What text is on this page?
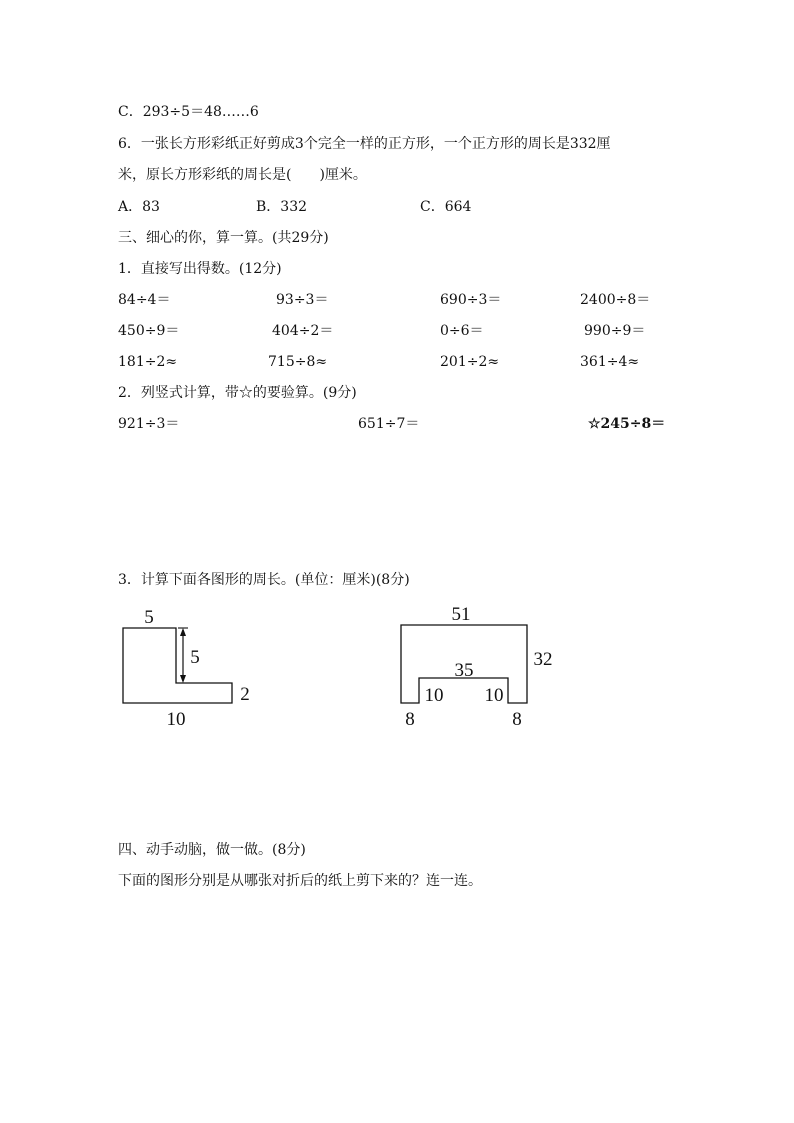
C．293÷5＝48……6
6．一张长方形彩纸正好剪成3个完全一样的正方形，一个正方形的周长是332厘
米，原长方形彩纸的周长是(　　)厘米。
A．83	B．332	C．664
三、细心的你，算一算。(共29分)
1．直接写出得数。(12分)
84÷4＝	93÷3＝	690÷3＝	2400÷8＝
450÷9＝	404÷2＝	0÷6＝	990÷9＝
181÷2≈	715÷8≈	201÷2≈	361÷4≈
2．列竖式计算，带☆的要验算。(9分)
921÷3＝	651÷7＝	☆245÷8＝
3．计算下面各图形的周长。(单位：厘米)(8分)
5
5
2
10
51
32
35
10 10
8	8
四、动手动脑，做一做。(8分)
下面的图形分别是从哪张对折后的纸上剪下来的？连一连。
